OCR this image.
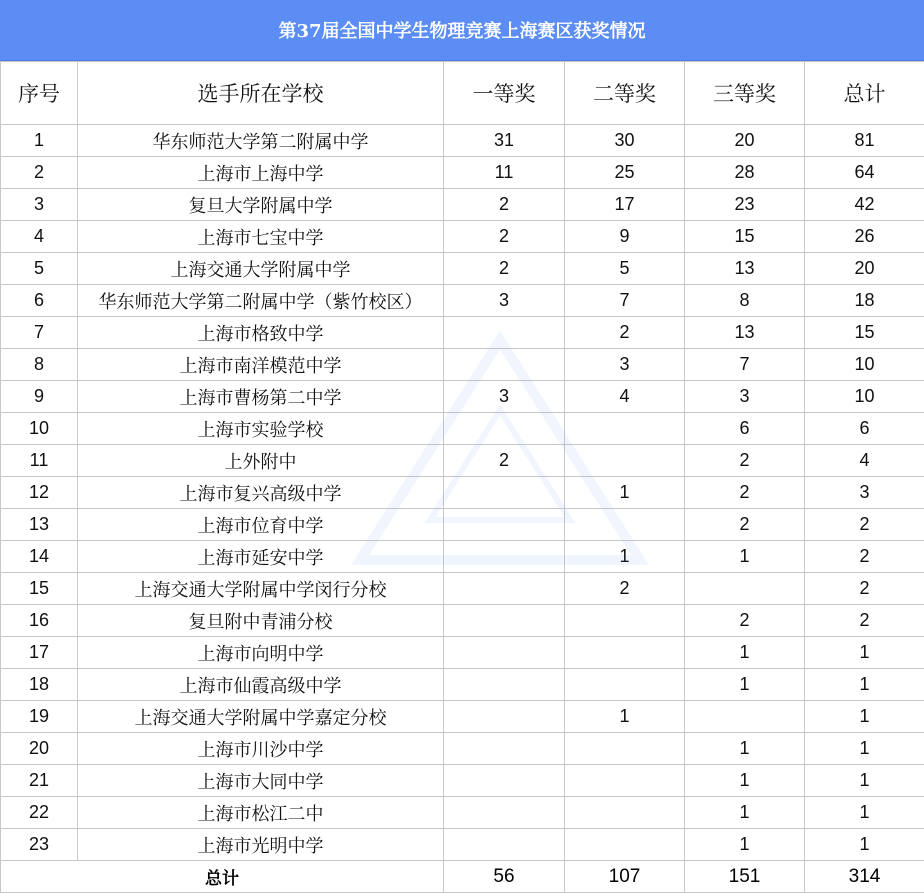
第37届全国中学生物理竞赛上海赛区获奖情况
序号	选手所在学校	一等奖	二等奖	三等奖	总计
1	华东师范大学第二附属中学	31	30	20	81
2	上海市上海中学	11	25	28	64
3	复旦大学附属中学	2	17	23	42
4	上海市七宝中学	2	9	15	26
5	上海交通大学附属中学	2	5	13	20
6	华东师范大学第二附属中学（紫竹校区）	3	7	8	18
7	上海市格致中学		2	13	15
8	上海市南洋模范中学		3	7	10
9	上海市曹杨第二中学	3	4	3	10
10	上海市实验学校			6	6
11	上外附中	2		2	4
12	上海市复兴高级中学		1	2	3
13	上海市位育中学			2	2
14	上海市延安中学		1	1	2
15	上海交通大学附属中学闵行分校		2		2
16	复旦附中青浦分校			2	2
17	上海市向明中学			1	1
18	上海市仙霞高级中学			1	1
19	上海交通大学附属中学嘉定分校		1		1
20	上海市川沙中学			1	1
21	上海市大同中学			1	1
22	上海市松江二中			1	1
23	上海市光明中学			1	1
总计		56	107	151	314
